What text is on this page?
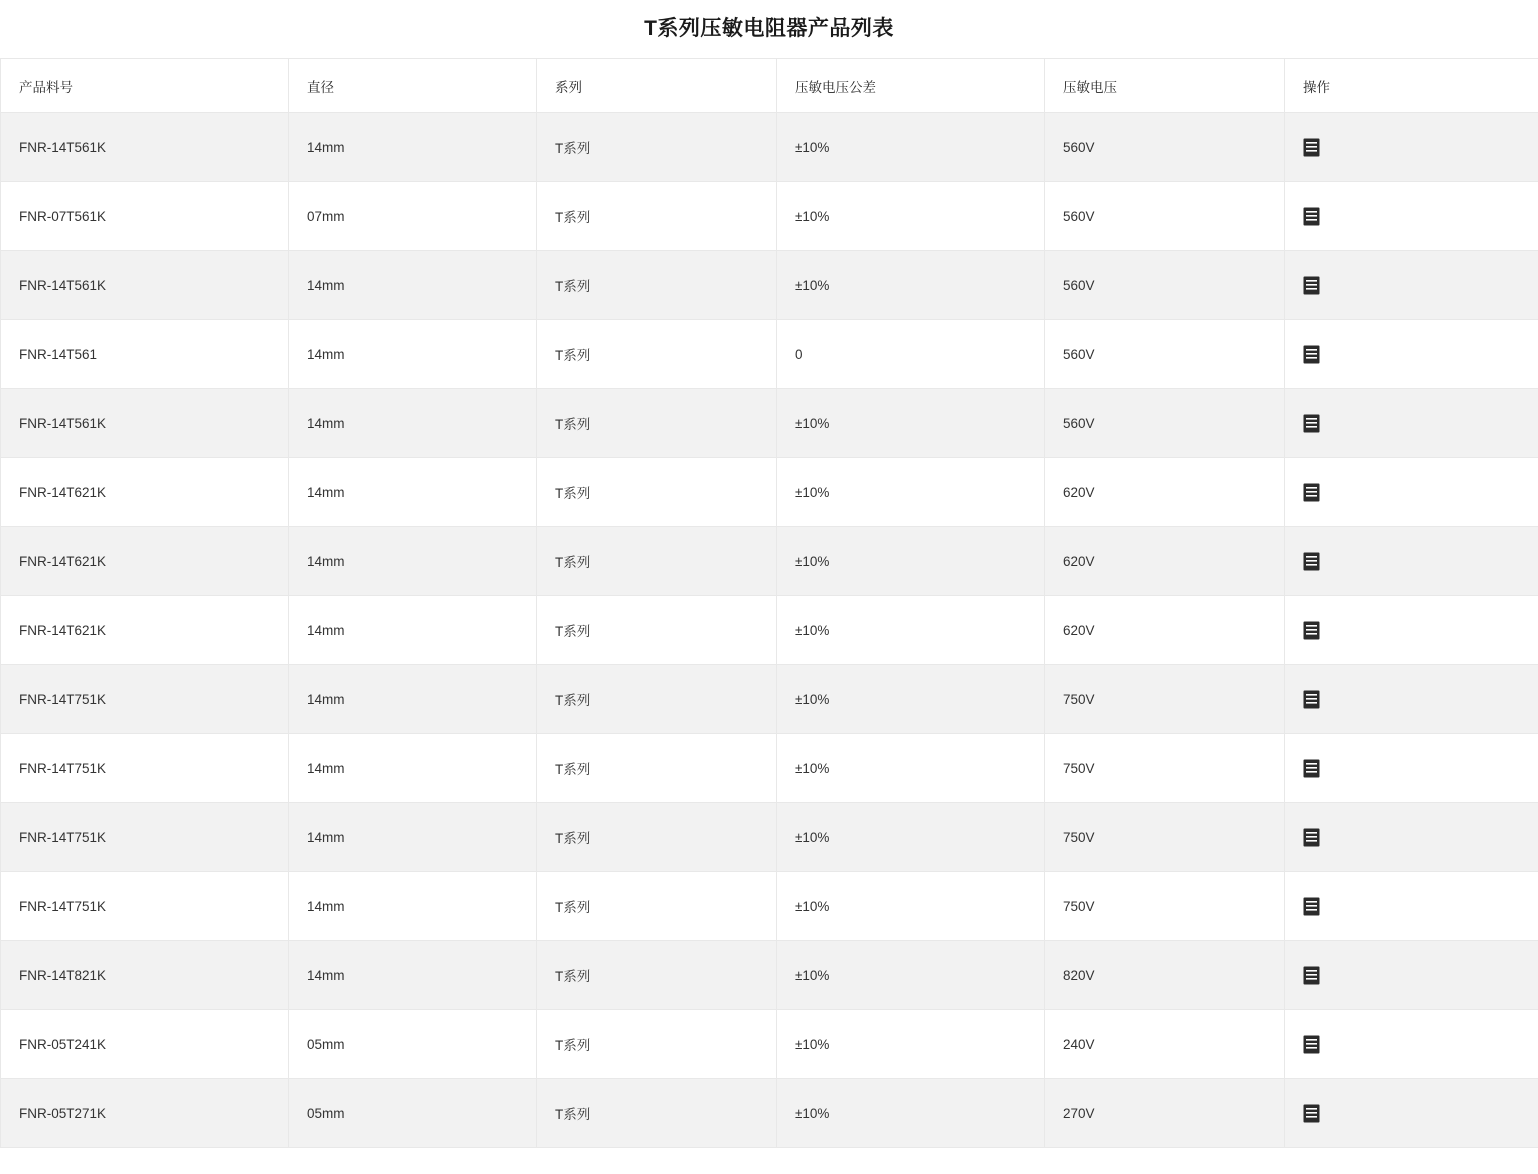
T系列压敏电阻器产品列表
产品料号	直径	系列	压敏电压公差	压敏电压	操作
FNR-14T561K	14mm	T系列	±10%	560V	

FNR-07T561K	07mm	T系列	±10%	560V	

FNR-14T561K	14mm	T系列	±10%	560V	

FNR-14T561	14mm	T系列	0	560V	

FNR-14T561K	14mm	T系列	±10%	560V	

FNR-14T621K	14mm	T系列	±10%	620V	

FNR-14T621K	14mm	T系列	±10%	620V	

FNR-14T621K	14mm	T系列	±10%	620V	

FNR-14T751K	14mm	T系列	±10%	750V	

FNR-14T751K	14mm	T系列	±10%	750V	

FNR-14T751K	14mm	T系列	±10%	750V	

FNR-14T751K	14mm	T系列	±10%	750V	

FNR-14T821K	14mm	T系列	±10%	820V	

FNR-05T241K	05mm	T系列	±10%	240V	

FNR-05T271K	05mm	T系列	±10%	270V	
